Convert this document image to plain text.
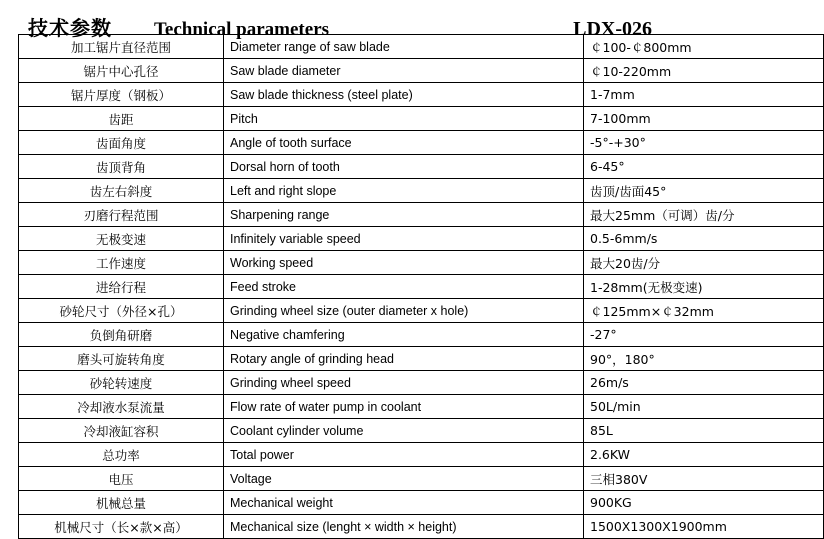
技术参数 Technical parameters	LDX-026
加工锯片直径范围	Diameter range of saw blade	￠100-￠800mm
锯片中心孔径	Saw blade diameter	￠10-220mm
锯片厚度（钢板）	Saw blade thickness (steel plate)	1-7mm
齿距	Pitch	7-100mm
齿面角度	Angle of tooth surface	-5°-+30°
齿顶背角	Dorsal horn of tooth	6-45°
齿左右斜度	Left and right slope	齿顶/齿面45°
刃磨行程范围	Sharpening range	最大25mm（可调）齿/分
无极变速	Infinitely variable speed	0.5-6mm/s
工作速度	Working speed	最大20齿/分
进给行程	Feed stroke	1-28mm(无极变速)
砂轮尺寸（外径×孔）	Grinding wheel size (outer diameter x hole)	￠125mm×￠32mm
负倒角研磨	Negative chamfering	-27°
磨头可旋转角度	Rotary angle of grinding head	90°，180°
砂轮转速度	Grinding wheel speed	26m/s
冷却液水泵流量	Flow rate of water pump in coolant	50L/min
冷却液缸容积	Coolant cylinder volume	85L
总功率	Total power	2.6KW
电压	Voltage	三相380V
机械总量	Mechanical weight	900KG
机械尺寸（长×款×高）	Mechanical size (lenght × width × height)	1500X1300X1900mm
